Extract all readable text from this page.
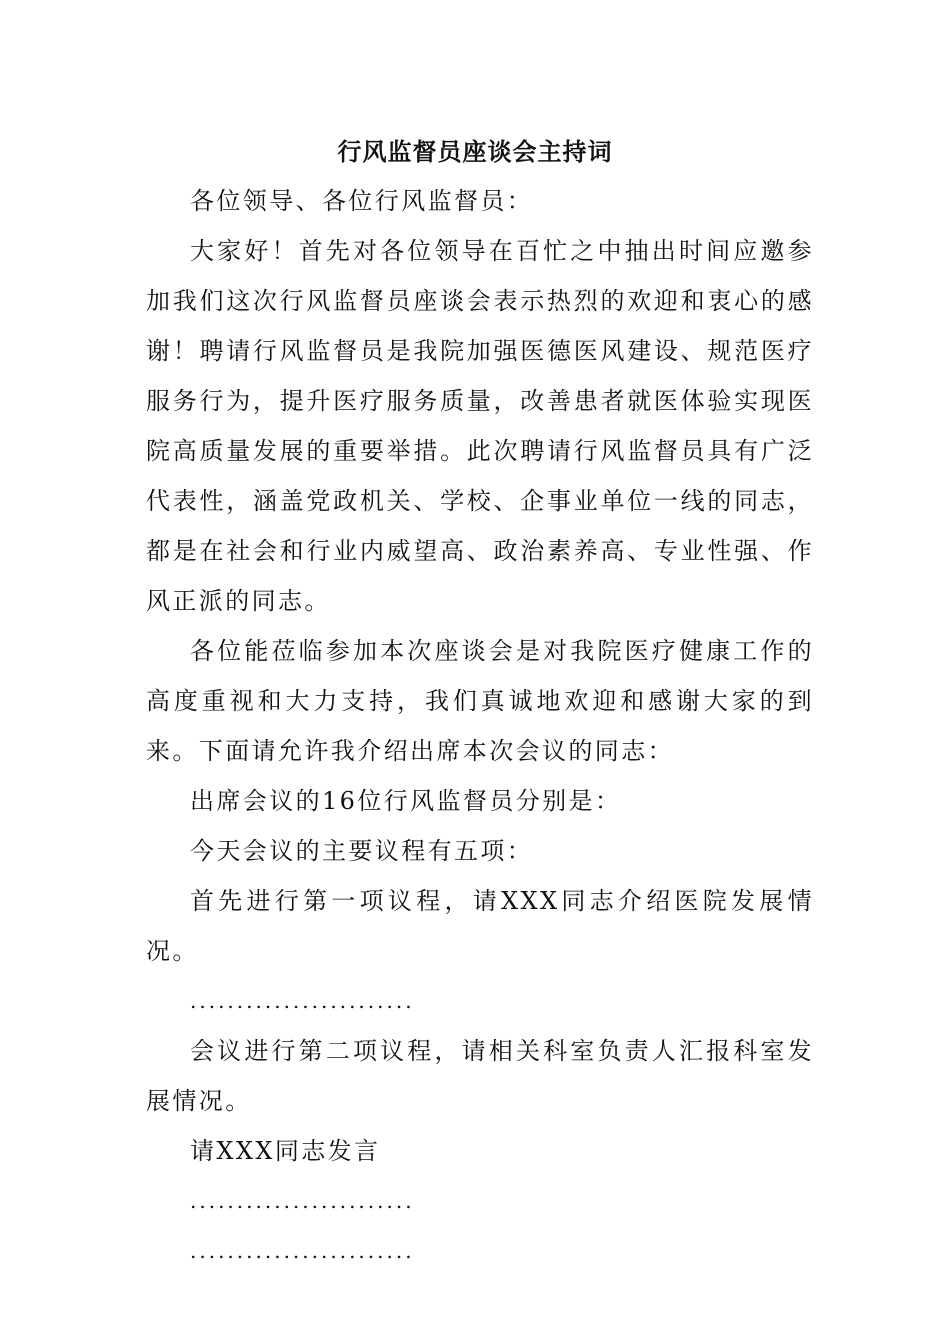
行风监督员座谈会主持词

各位领导、各位行风监督员：

大家好！首先对各位领导在百忙之中抽出时间应邀参加我们这次行风监督员座谈会表示热烈的欢迎和衷心的感谢！聘请行风监督员是我院加强医德医风建设、规范医疗服务行为，提升医疗服务质量，改善患者就医体验实现医院高质量发展的重要举措。此次聘请行风监督员具有广泛代表性，涵盖党政机关、学校、企事业单位一线的同志，都是在社会和行业内威望高、政治素养高、专业性强、作风正派的同志。

各位能莅临参加本次座谈会是对我院医疗健康工作的高度重视和大力支持，我们真诚地欢迎和感谢大家的到来。下面请允许我介绍出席本次会议的同志：

出席会议的16位行风监督员分别是：

今天会议的主要议程有五项：

首先进行第一项议程，请XXX同志介绍医院发展情况。

........................

会议进行第二项议程，请相关科室负责人汇报科室发展情况。

请XXX同志发言

........................

........................
